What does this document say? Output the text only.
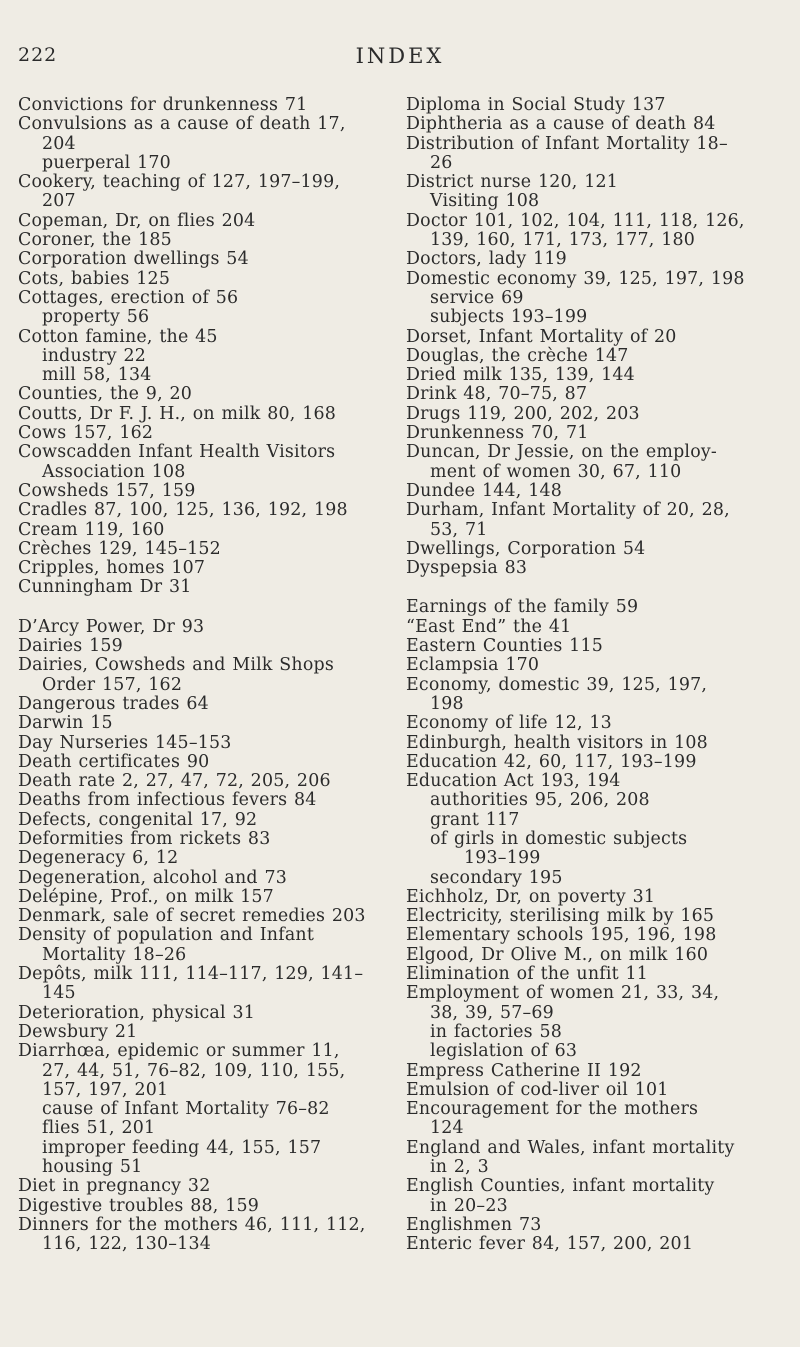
222	INDEX
Convictions for drunkenness 71
Convulsions as a cause of death 17,
204
puerperal 170
Cookery, teaching of 127, 197–199,
207
Copeman, Dr, on flies 204
Coroner, the 185
Corporation dwellings 54
Cots, babies 125
Cottages, erection of 56
property 56
Cotton famine, the 45
industry 22
mill 58, 134
Counties, the 9, 20
Coutts, Dr F. J. H., on milk 80, 168
Cows 157, 162
Cowscadden Infant Health Visitors
Association 108
Cowsheds 157, 159
Cradles 87, 100, 125, 136, 192, 198
Cream 119, 160
Crèches 129, 145–152
Cripples, homes 107
Cunningham Dr 31
D’Arcy Power, Dr 93
Dairies 159
Dairies, Cowsheds and Milk Shops
Order 157, 162
Dangerous trades 64
Darwin 15
Day Nurseries 145–153
Death certificates 90
Death rate 2, 27, 47, 72, 205, 206
Deaths from infectious fevers 84
Defects, congenital 17, 92
Deformities from rickets 83
Degeneracy 6, 12
Degeneration, alcohol and 73
Delépine, Prof., on milk 157
Denmark, sale of secret remedies 203
Density of population and Infant
Mortality 18–26
Depôts, milk 111, 114–117, 129, 141–
145
Deterioration, physical 31
Dewsbury 21
Diarrhœa, epidemic or summer 11,
27, 44, 51, 76–82, 109, 110, 155,
157, 197, 201
cause of Infant Mortality 76–82
flies 51, 201
improper feeding 44, 155, 157
housing 51
Diet in pregnancy 32
Digestive troubles 88, 159
Dinners for the mothers 46, 111, 112,
116, 122, 130–134
Diploma in Social Study 137
Diphtheria as a cause of death 84
Distribution of Infant Mortality 18–
26
District nurse 120, 121
Visiting 108
Doctor 101, 102, 104, 111, 118, 126,
139, 160, 171, 173, 177, 180
Doctors, lady 119
Domestic economy 39, 125, 197, 198
service 69
subjects 193–199
Dorset, Infant Mortality of 20
Douglas, the crèche 147
Dried milk 135, 139, 144
Drink 48, 70–75, 87
Drugs 119, 200, 202, 203
Drunkenness 70, 71
Duncan, Dr Jessie, on the employ-
ment of women 30, 67, 110
Dundee 144, 148
Durham, Infant Mortality of 20, 28,
53, 71
Dwellings, Corporation 54
Dyspepsia 83
Earnings of the family 59
“East End” the 41
Eastern Counties 115
Eclampsia 170
Economy, domestic 39, 125, 197,
198
Economy of life 12, 13
Edinburgh, health visitors in 108
Education 42, 60, 117, 193–199
Education Act 193, 194
authorities 95, 206, 208
grant 117
of girls in domestic subjects
193–199
secondary 195
Eichholz, Dr, on poverty 31
Electricity, sterilising milk by 165
Elementary schools 195, 196, 198
Elgood, Dr Olive M., on milk 160
Elimination of the unfit 11
Employment of women 21, 33, 34,
38, 39, 57–69
in factories 58
legislation of 63
Empress Catherine II 192
Emulsion of cod-liver oil 101
Encouragement for the mothers
124
England and Wales, infant mortality
in 2, 3
English Counties, infant mortality
in 20–23
Englishmen 73
Enteric fever 84, 157, 200, 201
